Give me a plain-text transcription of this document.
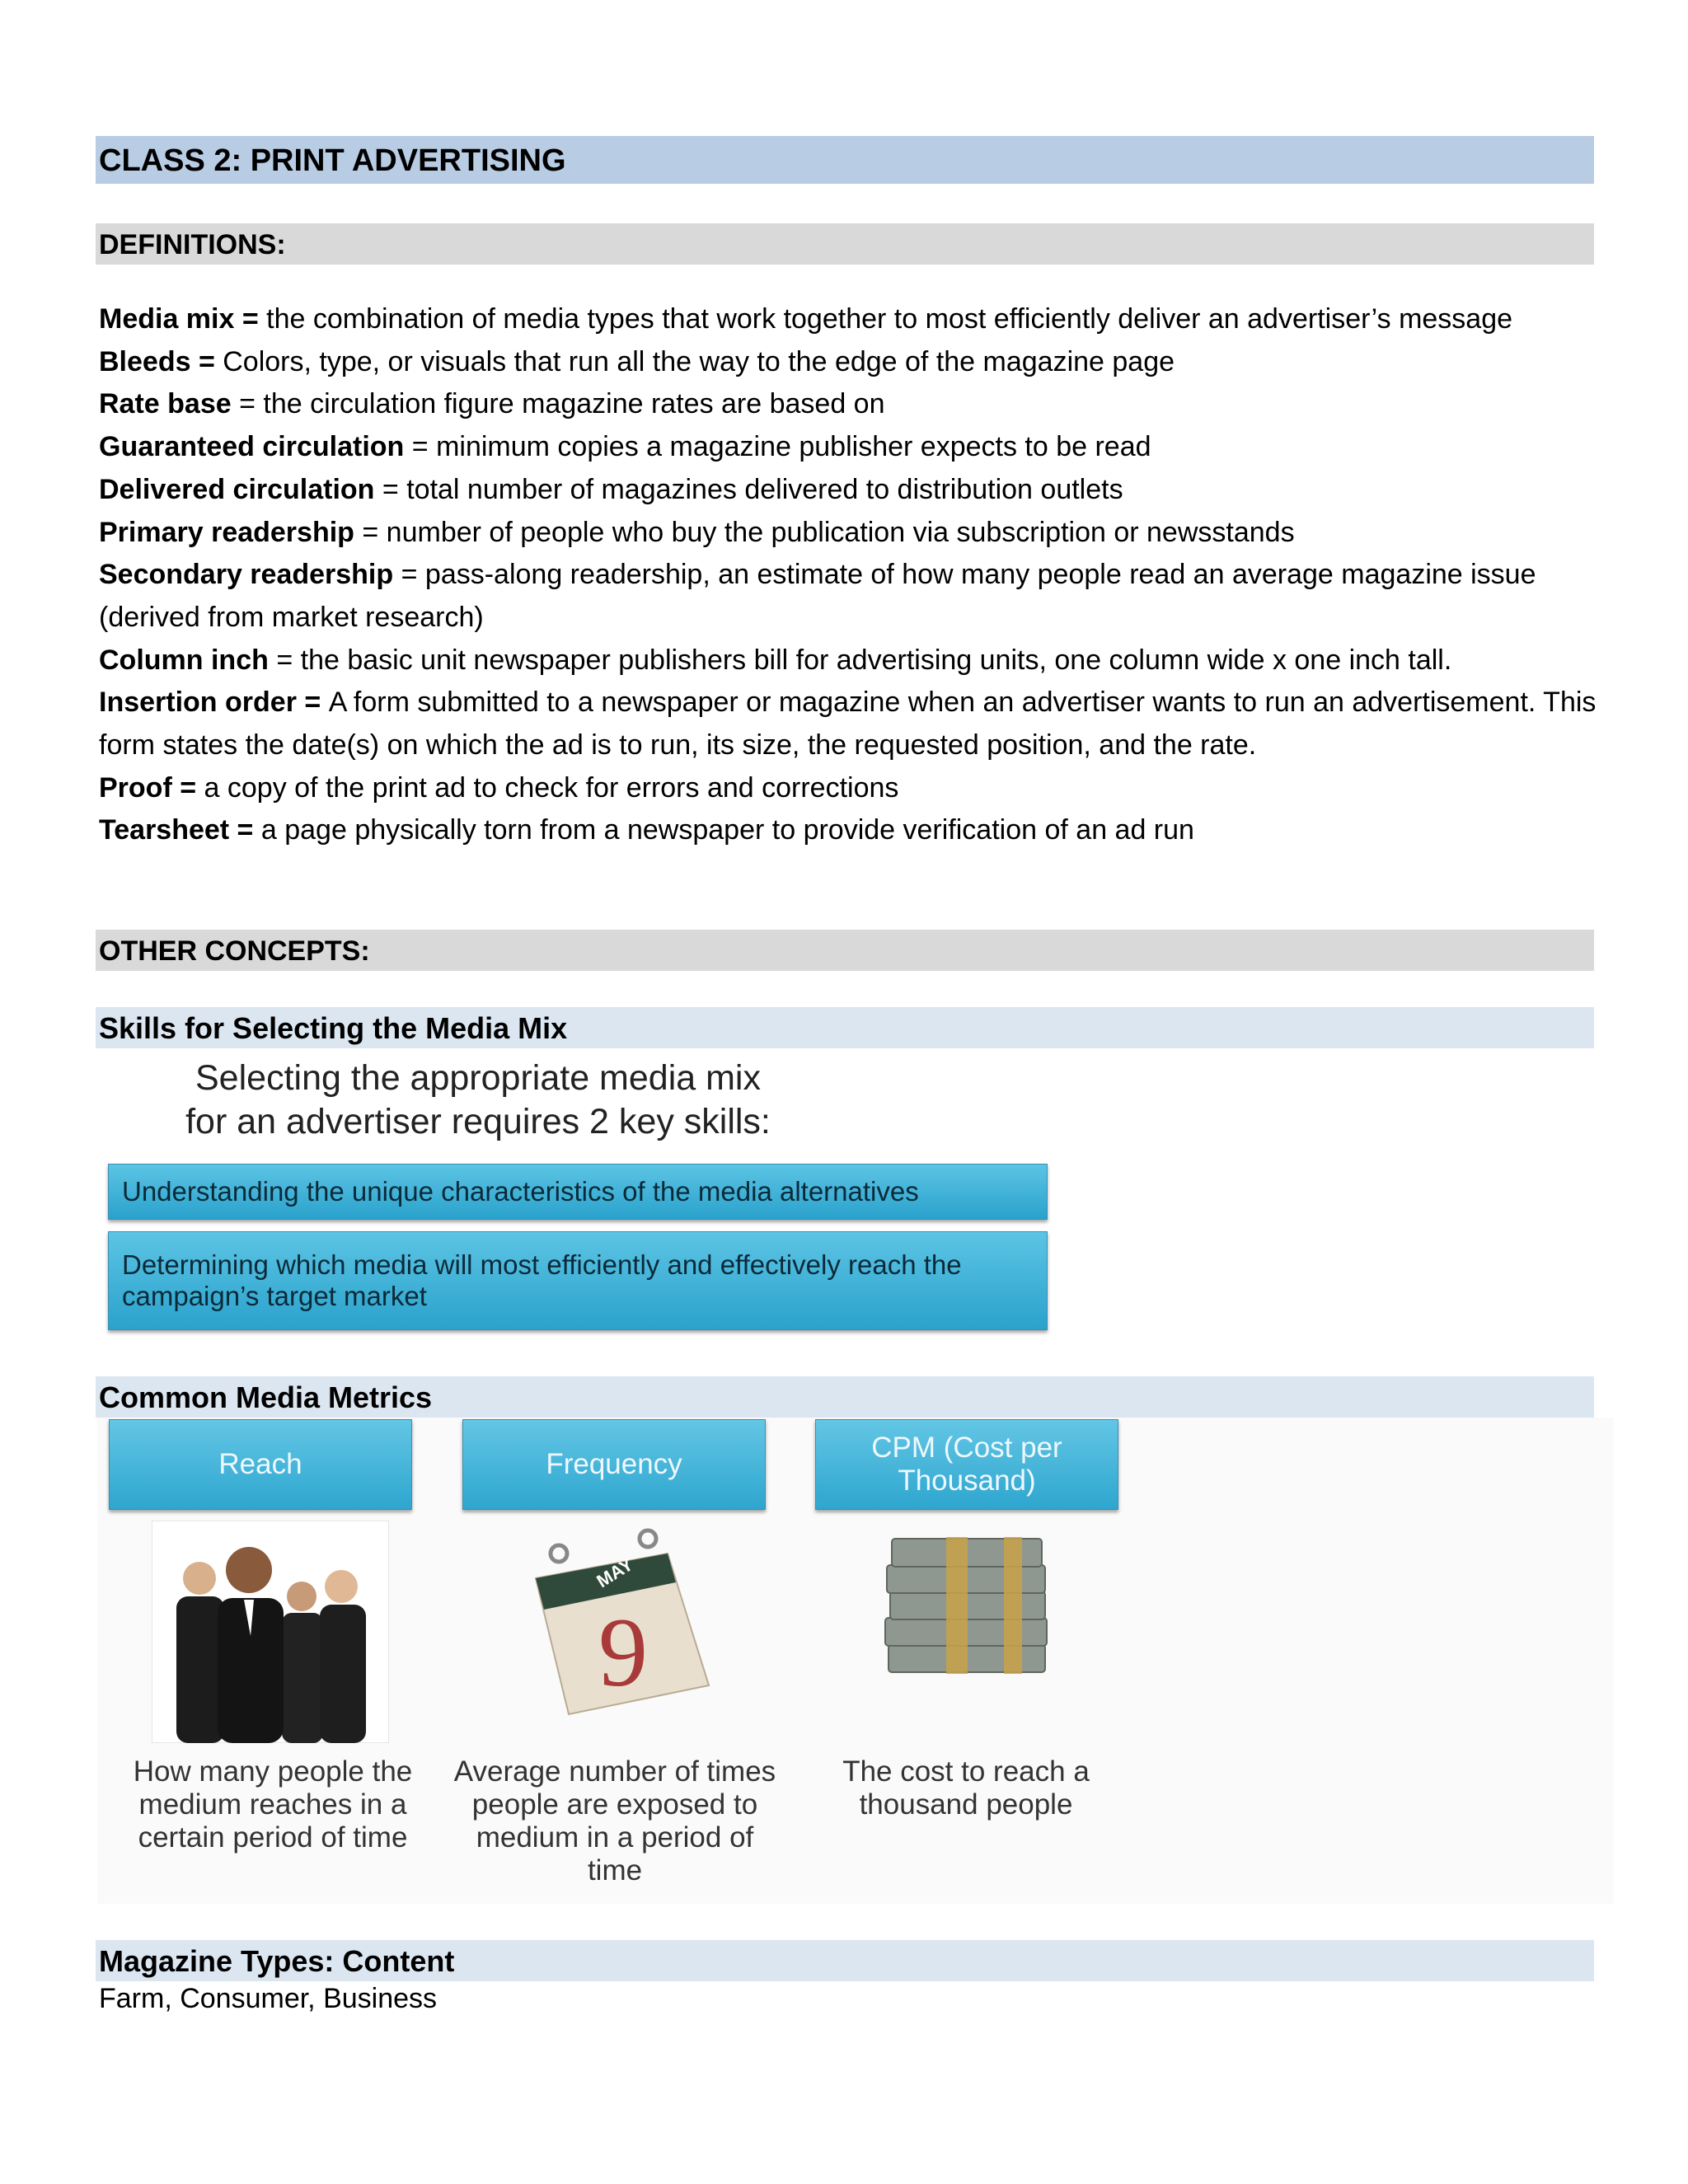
CLASS 2: PRINT ADVERTISING
DEFINITIONS:

Media mix = the combination of media types that work together to most efficiently deliver an advertiser’s message

Bleeds = Colors, type, or visuals that run all the way to the edge of the magazine page

Rate base = the circulation figure magazine rates are based on

Guaranteed circulation = minimum copies a magazine publisher expects to be read

Delivered circulation = total number of magazines delivered to distribution outlets

Primary readership = number of people who buy the publication via subscription or newsstands

Secondary readership = pass-along readership, an estimate of how many people read an average magazine issue (derived from market research)

Column inch = the basic unit newspaper publishers bill for advertising units, one column wide x one inch tall.

Insertion order = A form submitted to a newspaper or magazine when an advertiser wants to run an advertisement. This form states the date(s) on which the ad is to run, its size, the requested position, and the rate.

Proof = a copy of the print ad to check for errors and corrections

Tearsheet = a page physically torn from a newspaper to provide verification of an ad run

OTHER CONCEPTS:
Skills for Selecting the Media Mix
Selecting the appropriate media mix
for an advertiser requires 2 key skills:
Understanding the unique characteristics of the media alternatives
Determining which media will most efficiently and effectively reach the campaign’s target market
Common Media Metrics
Reach	Frequency
CPM (Cost per Thousand)
MAY
9
How many people the medium reaches in a certain period of time
Average number of times people are exposed to medium in a period of time
The cost to reach a thousand people
Magazine Types: Content
Farm, Consumer, Business
